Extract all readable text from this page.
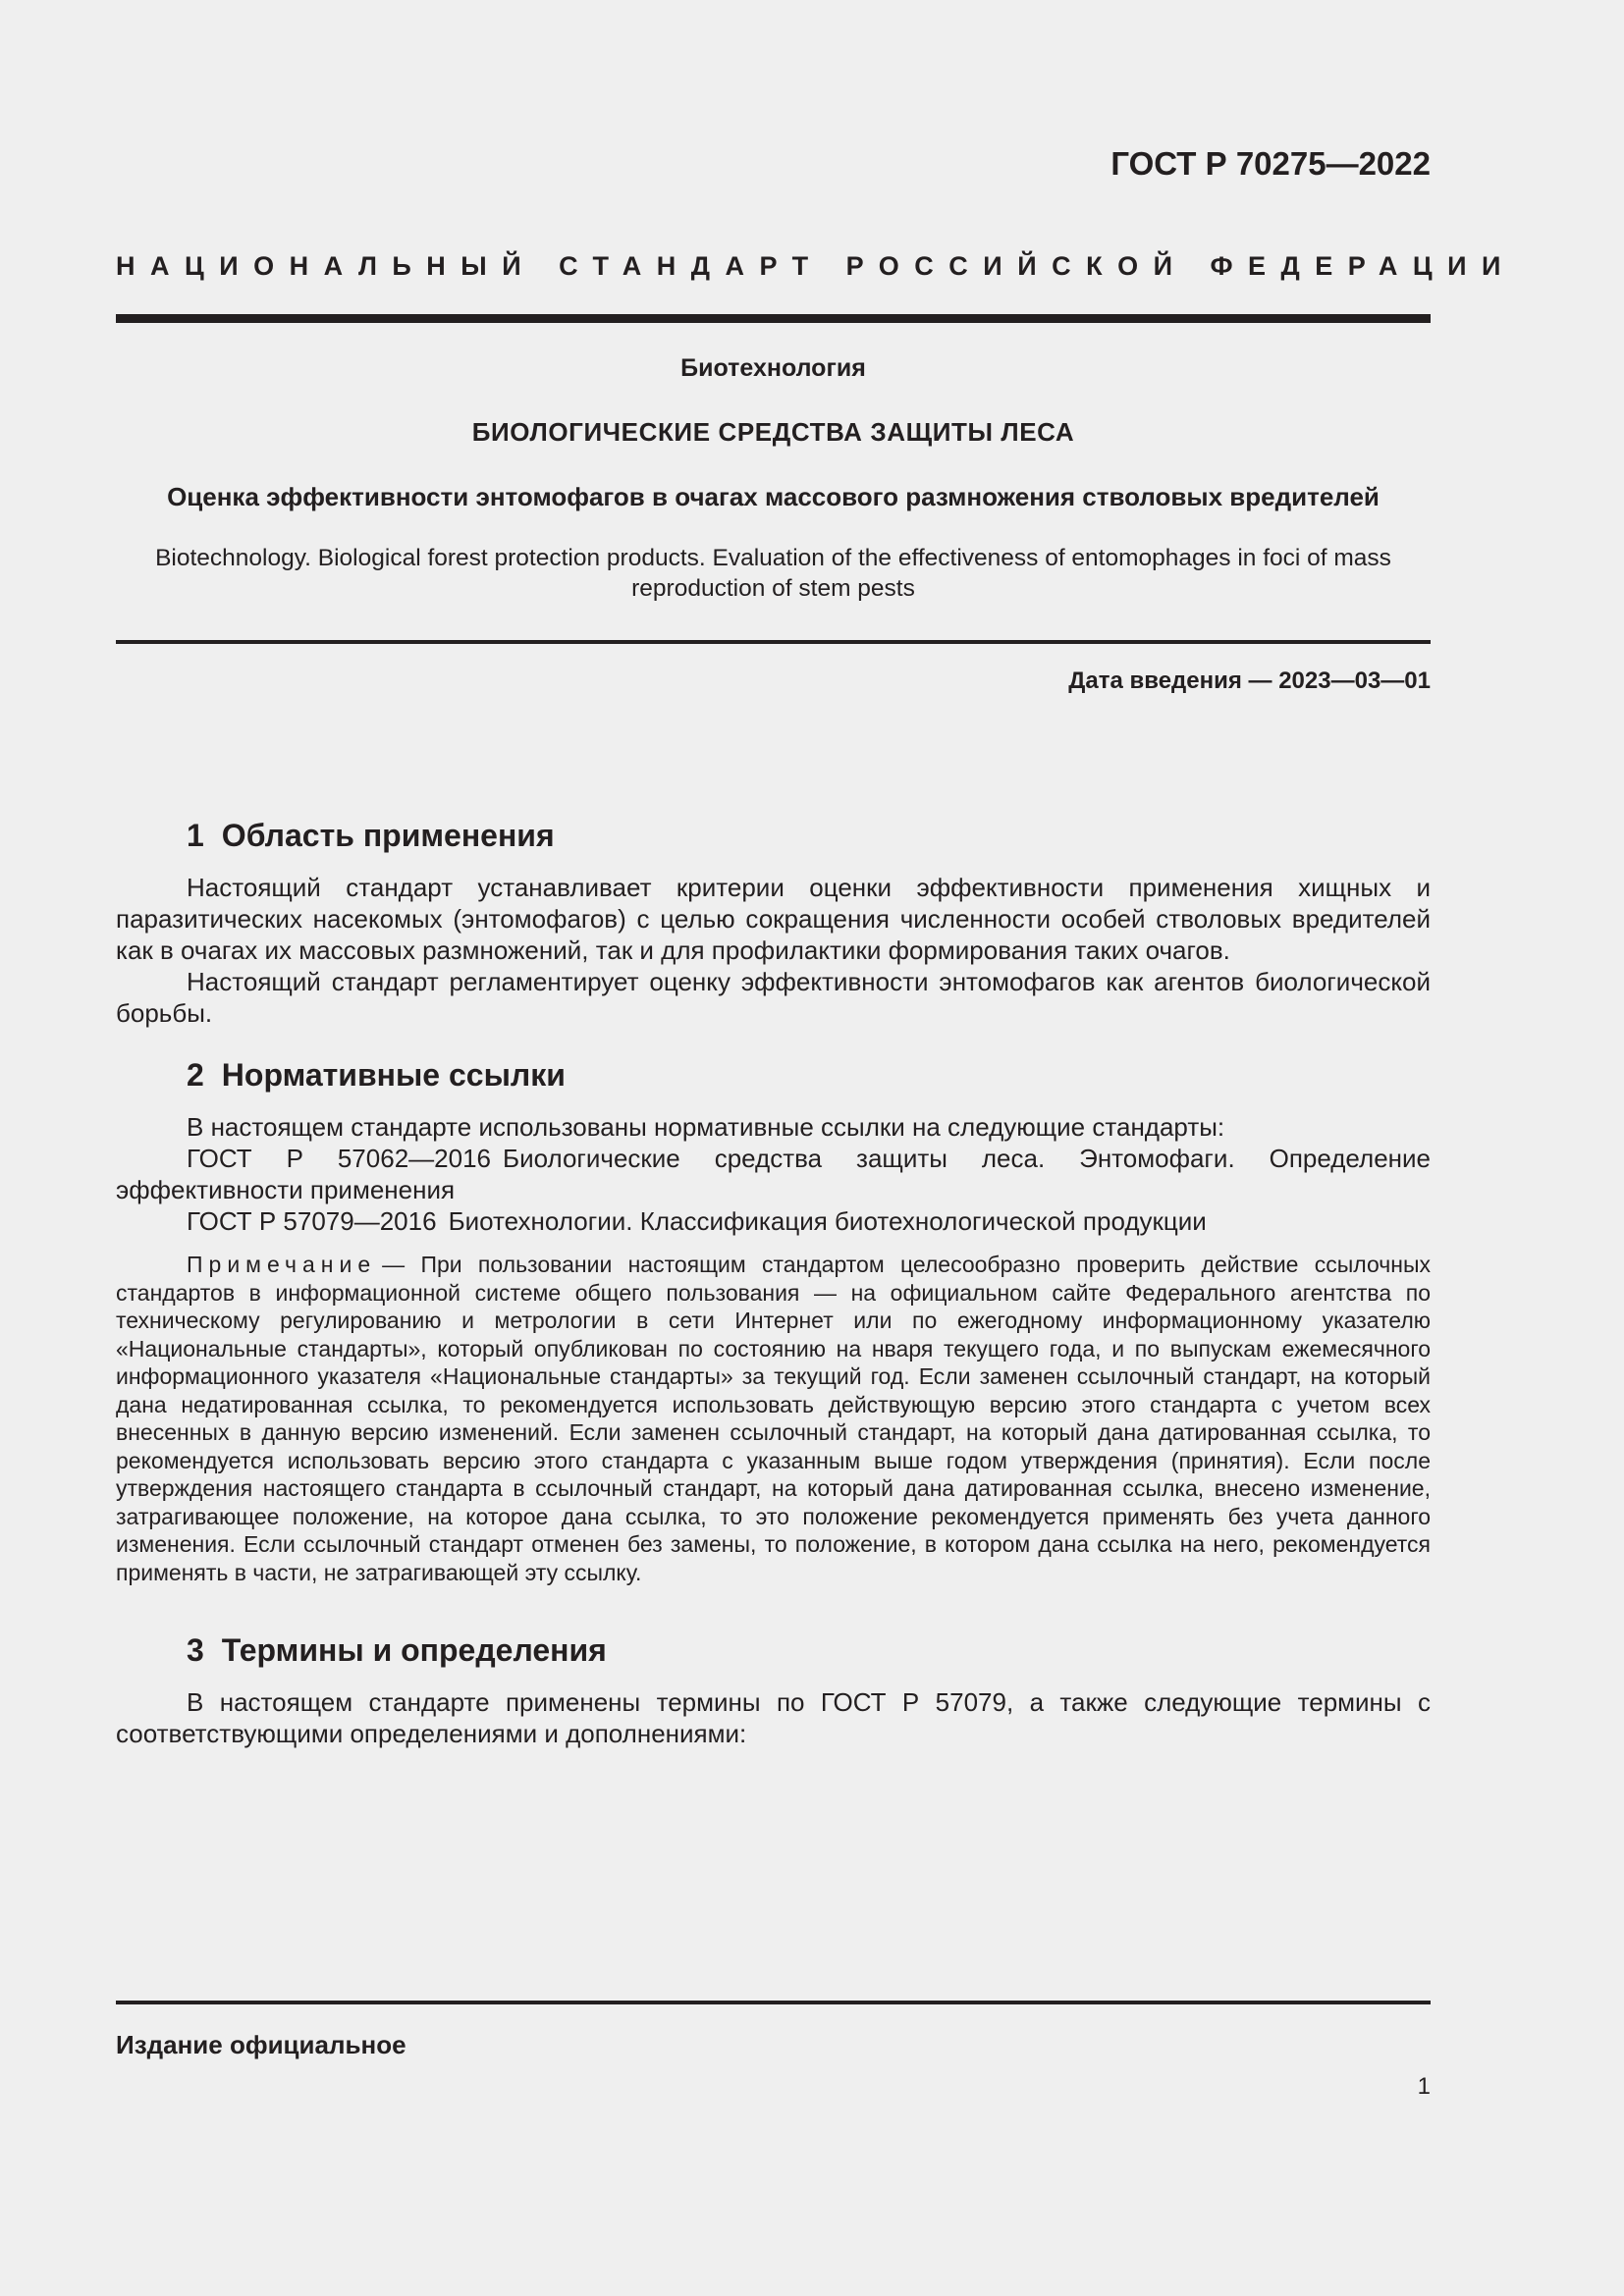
ГОСТ Р 70275—2022
НАЦИОНАЛЬНЫЙ СТАНДАРТ РОССИЙСКОЙ ФЕДЕРАЦИИ
Биотехнология
БИОЛОГИЧЕСКИЕ СРЕДСТВА ЗАЩИТЫ ЛЕСА
Оценка эффективности энтомофагов в очагах массового размножения стволовых вредителей
Biotechnology. Biological forest protection products. Evaluation of the effectiveness of entomophages in foci of mass reproduction of stem pests
Дата введения — 2023—03—01
1 Область применения

Настоящий стандарт устанавливает критерии оценки эффективности применения хищных и паразитических насекомых (энтомофагов) с целью сокращения численности особей стволовых вредителей как в очагах их массовых размножений, так и для профилактики формирования таких очагов.

Настоящий стандарт регламентирует оценку эффективности энтомофагов как агентов биологической борьбы.

2 Нормативные ссылки

В настоящем стандарте использованы нормативные ссылки на следующие стандарты:

ГОСТ Р 57062—2016 Биологические средства защиты леса. Энтомофаги. Определение эффективности применения

ГОСТ Р 57079—2016 Биотехнологии. Классификация биотехнологической продукции

Примечание — При пользовании настоящим стандартом целесообразно проверить действие ссылочных стандартов в информационной системе общего пользования — на официальном сайте Федерального агентства по техническому регулированию и метрологии в сети Интернет или по ежегодному информационному указателю «Национальные стандарты», который опубликован по состоянию на нваря текущего года, и по выпускам ежемесячного информационного указателя «Национальные стандарты» за текущий год. Если заменен ссылочный стандарт, на который дана недатированная ссылка, то рекомендуется использовать действующую версию этого стандарта с учетом всех внесенных в данную версию изменений. Если заменен ссылочный стандарт, на который дана датированная ссылка, то рекомендуется использовать версию этого стандарта с указанным выше годом утверждения (принятия). Если после утверждения настоящего стандарта в ссылочный стандарт, на который дана датированная ссылка, внесено изменение, затрагивающее положение, на которое дана ссылка, то это положение рекомендуется применять без учета данного изменения. Если ссылочный стандарт отменен без замены, то положение, в котором дана ссылка на него, рекомендуется применять в части, не затрагивающей эту ссылку.

3 Термины и определения

В настоящем стандарте применены термины по ГОСТ Р 57079, а также следующие термины с соответствующими определениями и дополнениями:

Издание официальное
1
